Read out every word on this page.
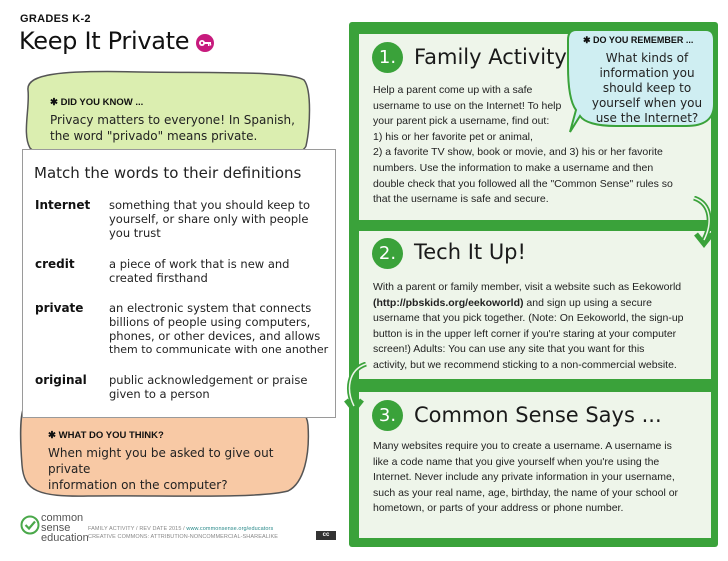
GRADES K-2
Keep It Private
✱ DID YOU KNOW ...
Privacy matters to everyone! In Spanish,
the word "privado" means private.
Match the words to their definitions
Internet something that you should keep to
yourself, or share only with people
you trust
credit	a piece of work that is new and
created firsthand
private an electronic system that connects
billions of people using computers,
phones, or other devices, and allows
them to communicate with one another
original public acknowledgement or praise
given to a person
✱ WHAT DO YOU THINK?
When might you be asked to give out private
information on the computer?
common
sense
education
FAMILY ACTIVITY / REV DATE 2015 / www.commonsense.org/educators
CREATIVE COMMONS: ATTRIBUTION-NONCOMMERCIAL-SHAREALIKE	cc
1. Family Activity
Help a parent come up with a safe
username to use on the Internet! To help
your parent pick a username, find out:
1) his or her favorite pet or animal,
2) a favorite TV show, book or movie, and 3) his or her favorite
numbers. Use the information to make a username and then
double check that you followed all the "Common Sense" rules so
that the username is safe and secure.
✱ DO YOU REMEMBER ...
What kinds of
information you
should keep to
yourself when you
use the Internet?
2. Tech It Up!
With a parent or family member, visit a website such as Eekoworld
(http://pbskids.org/eekoworld) and sign up using a secure
username that you pick together. (Note: On Eekoworld, the sign-up
button is in the upper left corner if you're staring at your computer
screen!) Adults: You can use any site that you want for this
activity, but we recommend sticking to a non-commercial website.
3. Common Sense Says ...
Many websites require you to create a username. A username is
like a code name that you give yourself when you're using the
Internet. Never include any private information in your username,
such as your real name, age, birthday, the name of your school or
hometown, or parts of your address or phone number.
